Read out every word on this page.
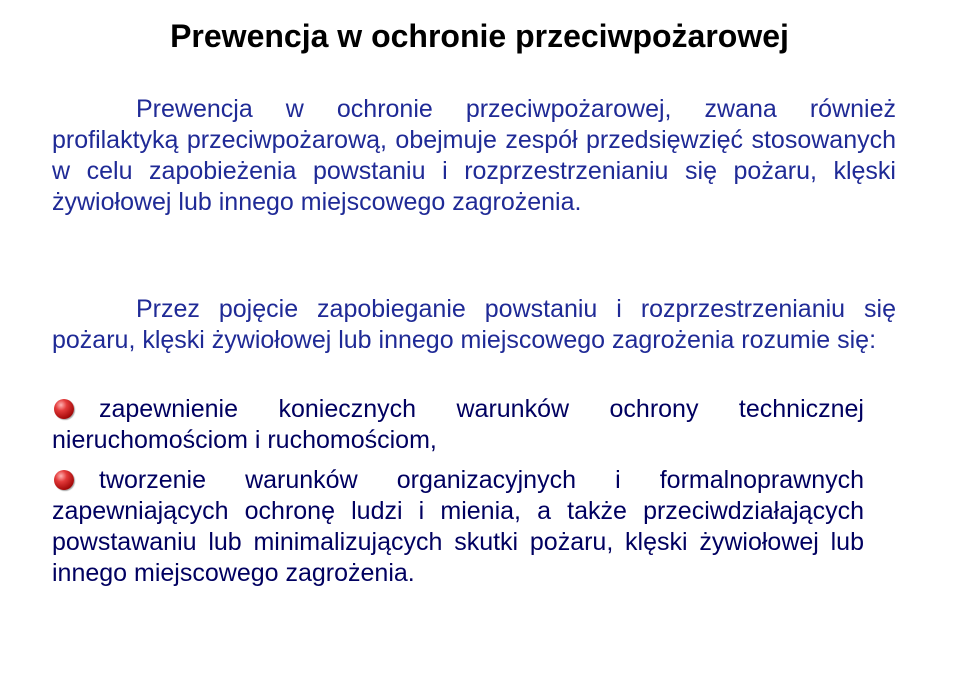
Prewencja w ochronie przeciwpożarowej

Prewencja w ochronie przeciwpożarowej, zwana również profilaktyką przeciwpożarową, obejmuje zespół przedsięwzięć stosowanych w celu zapobieżenia powstaniu i rozprzestrzenianiu się pożaru, klęski żywiołowej lub innego miejscowego zagrożenia.

Przez pojęcie zapobieganie powstaniu i rozprzestrzenianiu się pożaru, klęski żywiołowej lub innego miejscowego zagrożenia rozumie się:

zapewnienie koniecznych warunków ochrony technicznej nieruchomościom i ruchomościom,
tworzenie warunków organizacyjnych i formalnoprawnych zapewniających ochronę ludzi i mienia, a także przeciwdziałających powstawaniu lub minimalizujących skutki pożaru, klęski żywiołowej lub innego miejscowego zagrożenia.
